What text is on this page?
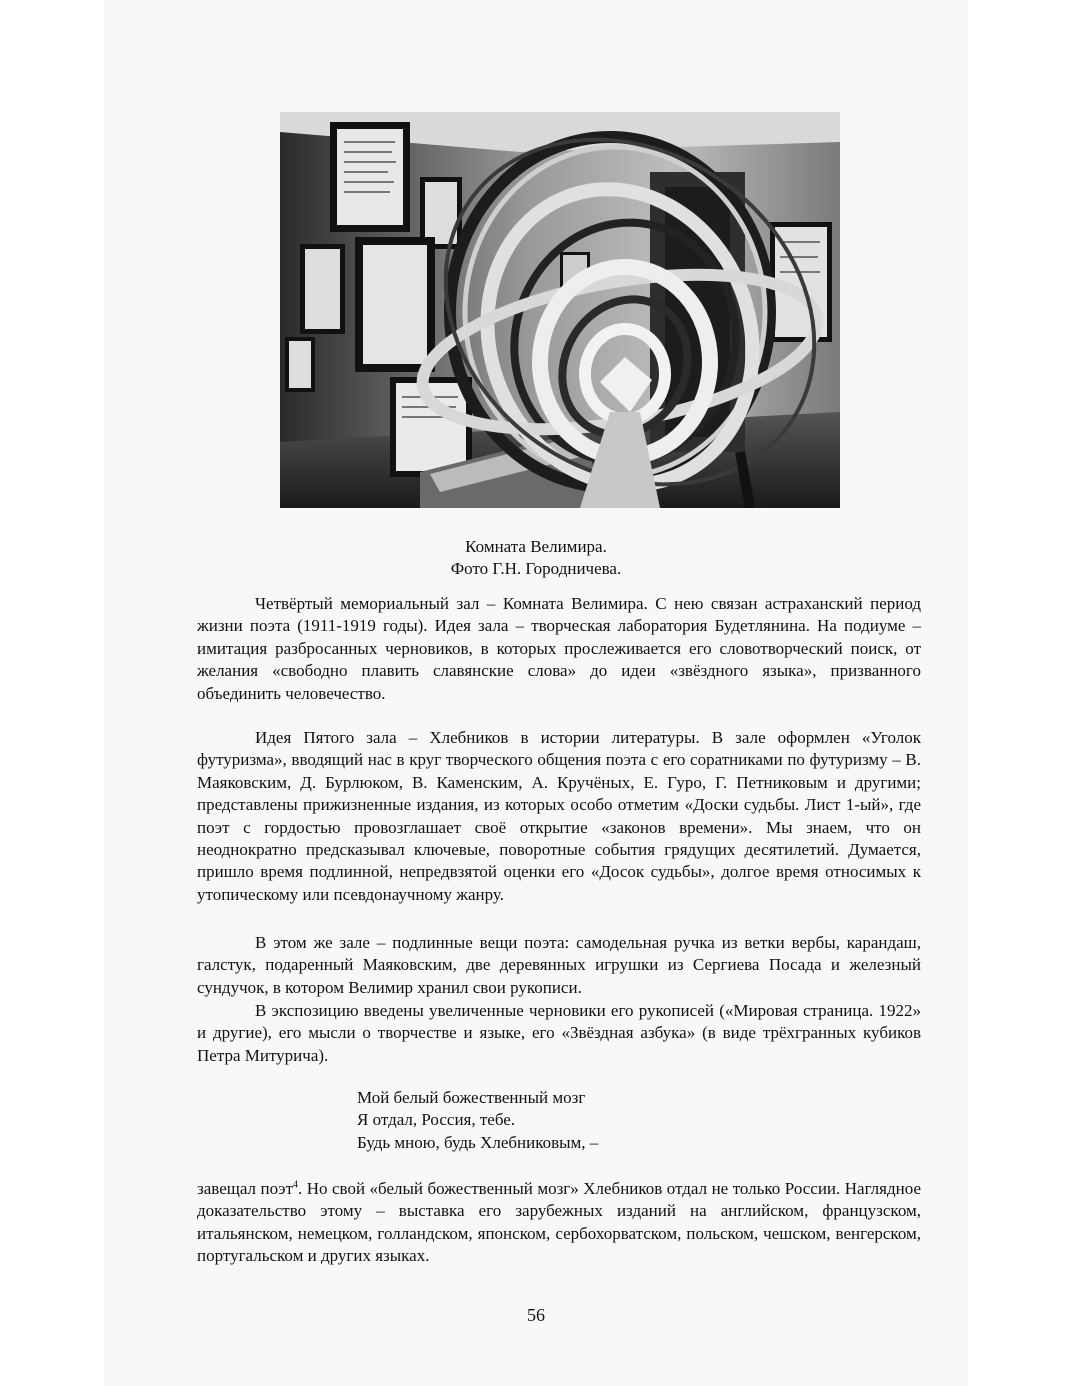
Комната Велимира.
Фото Г.Н. Городничева.

Четвёртый мемориальный зал – Комната Велимира. С нею связан астраханский период жизни поэта (1911-1919 годы). Идея зала – творческая лаборатория Будетлянина. На подиуме – имитация разбросанных черновиков, в которых прослеживается его словотворческий поиск, от желания «свободно плавить славянские слова» до идеи «звёздного языка», призванного объединить человечество.

Идея Пятого зала – Хлебников в истории литературы. В зале оформлен «Уголок футуризма», вводящий нас в круг творческого общения поэта с его соратниками по футуризму – В. Маяковским, Д. Бурлюком, В. Каменским, А. Кручёных, Е. Гуро, Г. Петниковым и другими; представлены прижизненные издания, из которых особо отметим «Доски судьбы. Лист 1-ый», где поэт с гордостью провозглашает своё открытие «законов времени». Мы знаем, что он неоднократно предсказывал ключевые, поворотные события грядущих десятилетий. Думается, пришло время подлинной, непредвзятой оценки его «Досок судьбы», долгое время относимых к утопическому или псевдонаучному жанру.

В этом же зале – подлинные вещи поэта: самодельная ручка из ветки вербы, карандаш, галстук, подаренный Маяковским, две деревянных игрушки из Сергиева Посада и железный сундучок, в котором Велимир хранил свои рукописи.

В экспозицию введены увеличенные черновики его рукописей («Мировая страница. 1922» и другие), его мысли о творчестве и языке, его «Звёздная азбука» (в виде трёхгранных кубиков Петра Митурича).

Мой белый божественный мозг
Я отдал, Россия, тебе.
Будь мною, будь Хлебниковым, –

завещал поэт$^4$. Но свой «белый божественный мозг» Хлебников отдал не только России. Наглядное доказательство этому – выставка его зарубежных изданий на английском, французском, итальянском, немецком, голландском, японском, сербохорватском, польском, чешском, венгерском, португальском и других языках.

56
